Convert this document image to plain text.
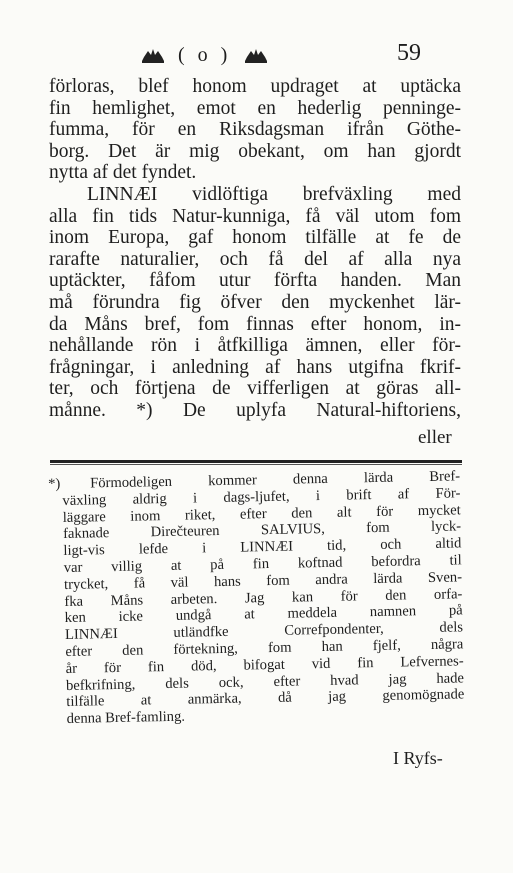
( o )	59
förloras, blef honom updraget at uptäcka
fin hemlighet, emot en hederlig penninge-
fumma, för en Riksdagsman ifrån Göthe-
borg. Det är mig obekant, om han gjordt
nytta af det fyndet.
LINNÆI vidlöftiga brefväxling med
alla fin tids Natur-kunniga, få väl utom fom
inom Europa, gaf honom tilfälle at fe de
rarafte naturalier, och få del af alla nya
uptäckter, fåfom utur förfta handen. Man
må förundra fig öfver den myckenhet lär-
da Måns bref, fom finnas efter honom, in-
nehållande rön i åtfkilliga ämnen, eller för-
frågningar, i anledning af hans utgifna fkrif-
ter, och förtjena de vifferligen at göras all-
månne. *) De uplyfa Natural-hiftoriens,
eller
*)	Förmodeligen kommer denna lärda Bref-
växling aldrig i dags-ljufet, i brift af För-
läggare inom riket, efter den alt för mycket
faknade Direčteuren SALVIUS, fom lyck-
ligt-vis lefde i LINNÆI tid, och altid
var villig at på fin koftnad befordra til
trycket, få väl hans fom andra lärda Sven-
fka Måns arbeten. Jag kan för den orfa-
ken icke undgå at meddela namnen på
LINNÆI utländfke Correfpondenter, dels
efter den förtekning, fom han fjelf, några
år för fin död, bifogat vid fin Lefvernes-
befkrifning, dels ock, efter hvad jag hade
tilfälle at anmärka, då jag genomögnade
denna Bref-famling.
I Ryfs-
